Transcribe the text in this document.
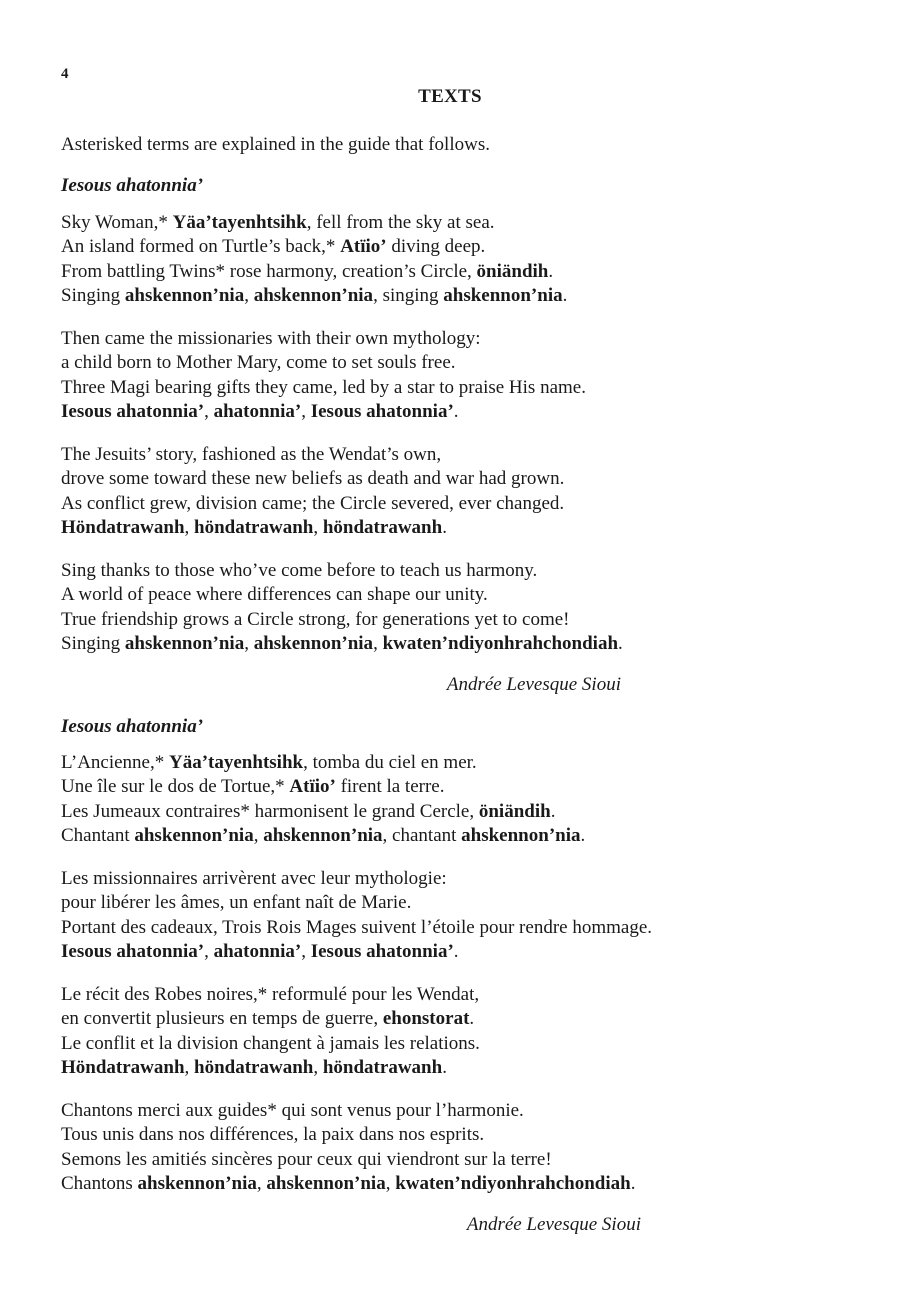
4
TEXTS
Asterisked terms are explained in the guide that follows.
Iesous ahatonnia’
Sky Woman,* Yäa’tayenhtsihk, fell from the sky at sea.
An island formed on Turtle’s back,* Atïio’ diving deep.
From battling Twins* rose harmony, creation’s Circle, öniändih.
Singing ahskennon’nia, ahskennon’nia, singing ahskennon’nia.
Then came the missionaries with their own mythology:
a child born to Mother Mary, come to set souls free.
Three Magi bearing gifts they came, led by a star to praise His name.
Iesous ahatonnia’, ahatonnia’, Iesous ahatonnia’.
The Jesuits’ story, fashioned as the Wendat’s own,
drove some toward these new beliefs as death and war had grown.
As conflict grew, division came; the Circle severed, ever changed.
Höndatrawanh, höndatrawanh, höndatrawanh.
Sing thanks to those who’ve come before to teach us harmony.
A world of peace where differences can shape our unity.
True friendship grows a Circle strong, for generations yet to come!
Singing ahskennon’nia, ahskennon’nia, kwaten’ndiyonhrahchondiah.
Andrée Levesque Sioui
Iesous ahatonnia’
L’Ancienne,* Yäa’tayenhtsihk, tomba du ciel en mer.
Une île sur le dos de Tortue,* Atïio’ firent la terre.
Les Jumeaux contraires* harmonisent le grand Cercle, öniändih.
Chantant ahskennon’nia, ahskennon’nia, chantant ahskennon’nia.
Les missionnaires arrivèrent avec leur mythologie:
pour libérer les âmes, un enfant naît de Marie.
Portant des cadeaux, Trois Rois Mages suivent l’étoile pour rendre hommage.
Iesous ahatonnia’, ahatonnia’, Iesous ahatonnia’.
Le récit des Robes noires,* reformulé pour les Wendat,
en convertit plusieurs en temps de guerre, ehonstorat.
Le conflit et la division changent à jamais les relations.
Höndatrawanh, höndatrawanh, höndatrawanh.
Chantons merci aux guides* qui sont venus pour l’harmonie.
Tous unis dans nos différences, la paix dans nos esprits.
Semons les amitiés sincères pour ceux qui viendront sur la terre!
Chantons ahskennon’nia, ahskennon’nia, kwaten’ndiyonhrahchondiah.
Andrée Levesque Sioui
